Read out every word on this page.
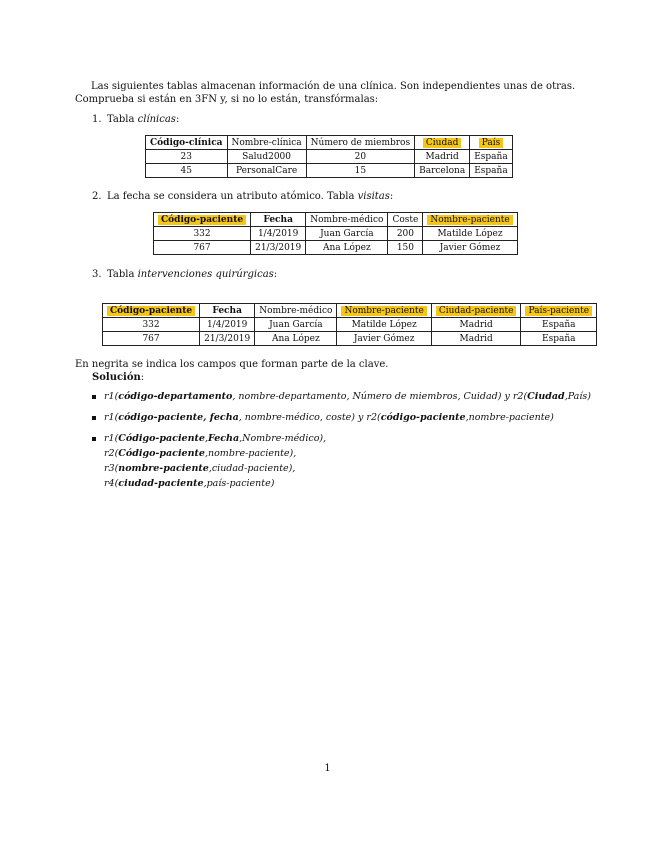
Las siguientes tablas almacenan información de una clínica. Son independientes unas de otras. Comprueba si están en 3FN y, si no lo están, transfórmalas:
1. Tabla clínicas:
Código-clínica	Nombre-clínica	Número de miembros	Ciudad	País
23	Salud2000	20	Madrid	España
45	PersonalCare	15	Barcelona	España
2. La fecha se considera un atributo atómico. Tabla visitas:
Código-paciente	Fecha	Nombre-médico	Coste	Nombre-paciente
332	1/4/2019	Juan García	200	Matilde López
767	21/3/2019	Ana López	150	Javier Gómez
3. Tabla intervenciones quirúrgicas:
Código-paciente	Fecha	Nombre-médico	Nombre-paciente	Ciudad-paciente	País-paciente
332	1/4/2019	Juan García	Matilde López	Madrid	España
767	21/3/2019	Ana López	Javier Gómez	Madrid	España
En negrita se indica los campos que forman parte de la clave.
Solución:
r1(código-departamento, nombre-departamento, Número de miembros, Cuidad) y r2(Ciudad,País)
r1(código-paciente, fecha, nombre-médico, coste) y r2(código-paciente,nombre-paciente)
r1(Código-paciente,Fecha,Nombre-médico),
r2(Código-paciente,nombre-paciente),
r3(nombre-paciente,ciudad-paciente),
r4(ciudad-paciente,país-paciente)
1
